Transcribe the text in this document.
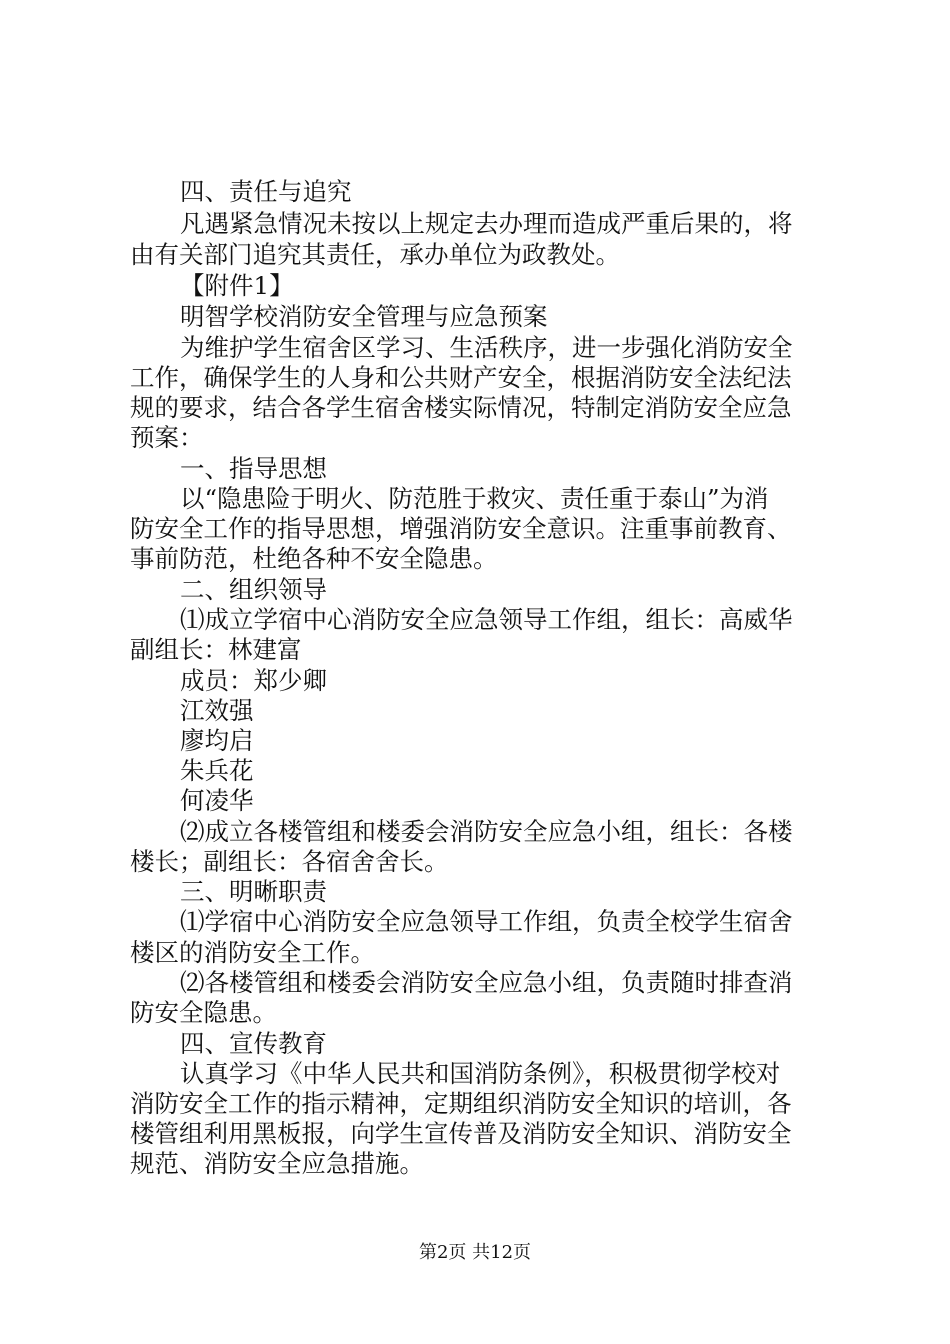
四、责任与追究
凡遇紧急情况未按以上规定去办理而造成严重后果的，将
由有关部门追究其责任，承办单位为政教处。
【附件1】
明智学校消防安全管理与应急预案
为维护学生宿舍区学习、生活秩序，进一步强化消防安全
工作，确保学生的人身和公共财产安全，根据消防安全法纪法
规的要求，结合各学生宿舍楼实际情况，特制定消防安全应急
预案：
一、指导思想
以“隐患险于明火、防范胜于救灾、责任重于泰山”为消
防安全工作的指导思想，增强消防安全意识。注重事前教育、
事前防范，杜绝各种不安全隐患。
二、组织领导
⑴成立学宿中心消防安全应急领导工作组，组长：高威华
副组长：林建富
成员：郑少卿
江效强
廖均启
朱兵花
何凌华
⑵成立各楼管组和楼委会消防安全应急小组，组长：各楼
楼长；副组长：各宿舍舍长。
三、明晰职责
⑴学宿中心消防安全应急领导工作组，负责全校学生宿舍
楼区的消防安全工作。
⑵各楼管组和楼委会消防安全应急小组，负责随时排查消
防安全隐患。
四、宣传教育
认真学习《中华人民共和国消防条例》，积极贯彻学校对
消防安全工作的指示精神，定期组织消防安全知识的培训，各
楼管组利用黑板报，向学生宣传普及消防安全知识、消防安全
规范、消防安全应急措施。
第2页 共12页
